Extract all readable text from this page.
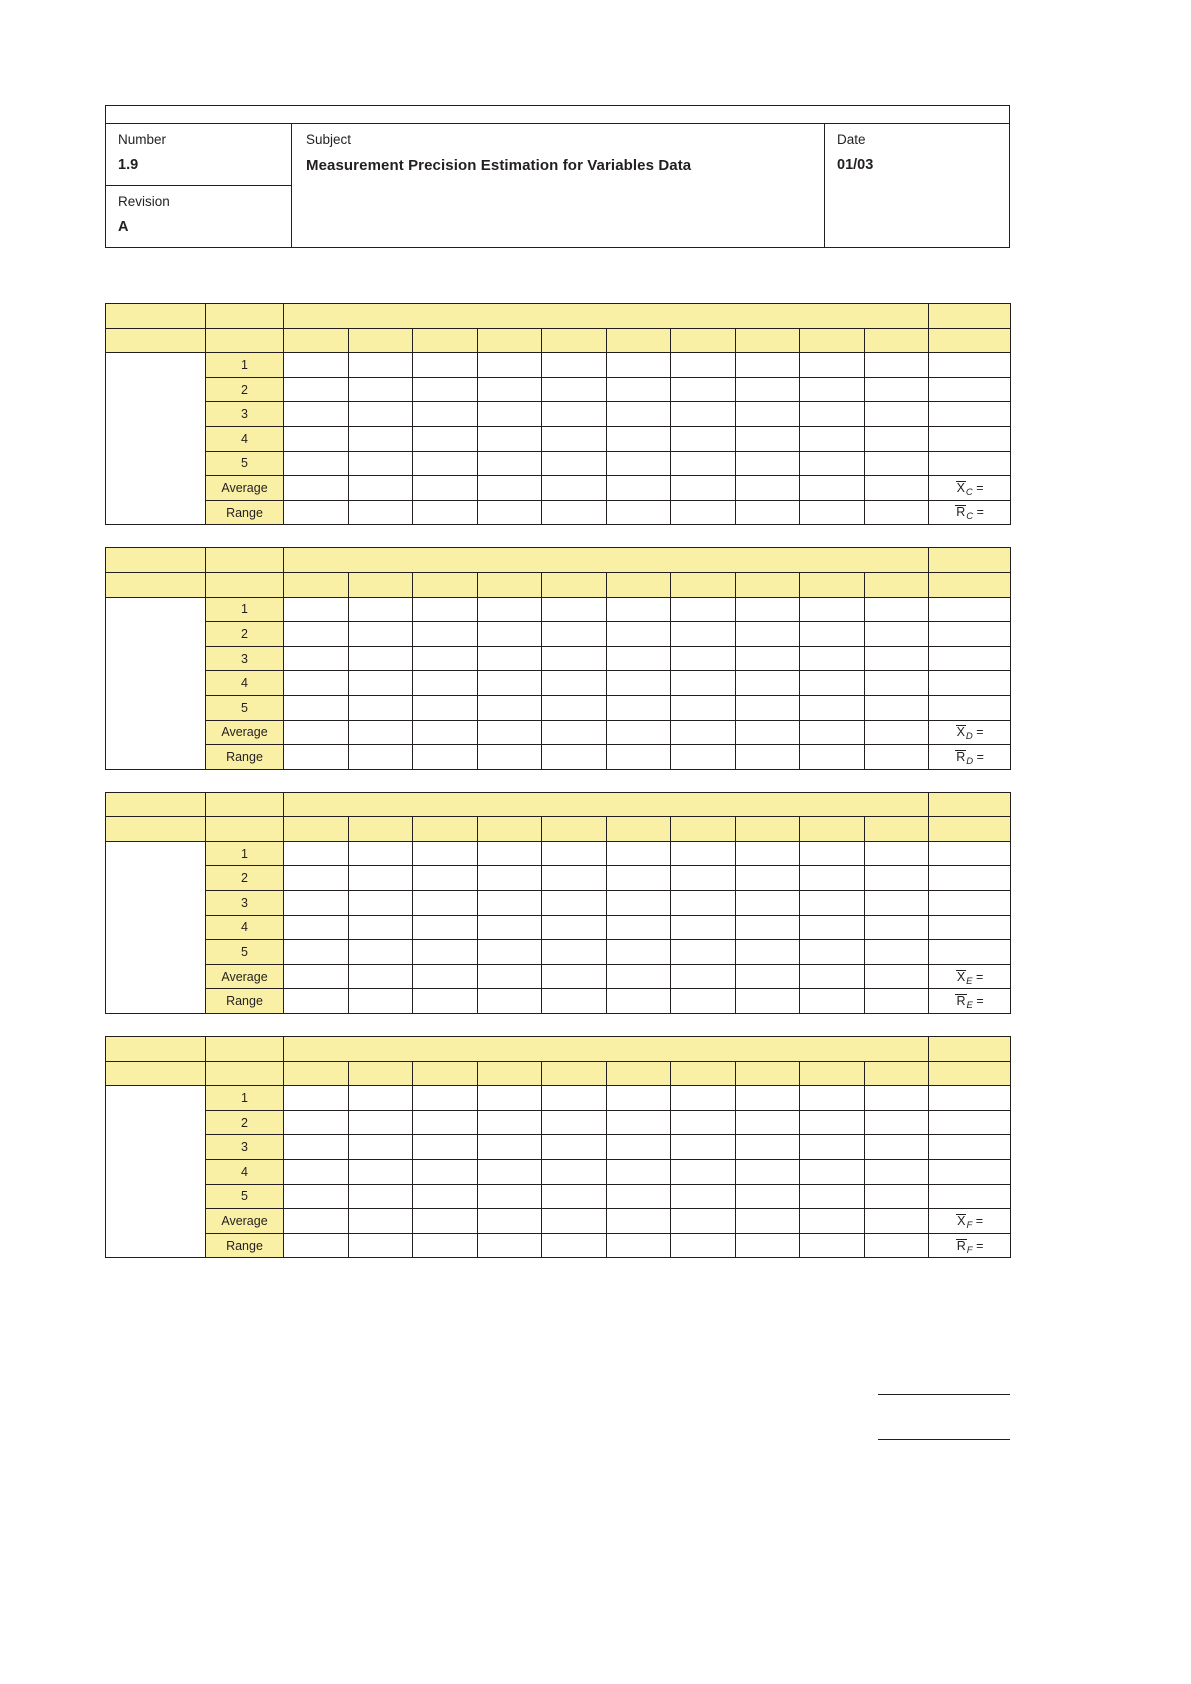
Number
1.9
Revision
A
Subject
Measurement Precision Estimation for Variables Data
Date
01/03

	1											
	2											
	3											
	4											
	5											
	Average											$X_C$ =
	Range											$R_C$ =

	1											
	2											
	3											
	4											
	5											
	Average											$X_D$ =
	Range											$R_D$ =

	1											
	2											
	3											
	4											
	5											
	Average											$X_E$ =
	Range											$R_E$ =

	1											
	2											
	3											
	4											
	5											
	Average											$X_F$ =
	Range											$R_F$ =
